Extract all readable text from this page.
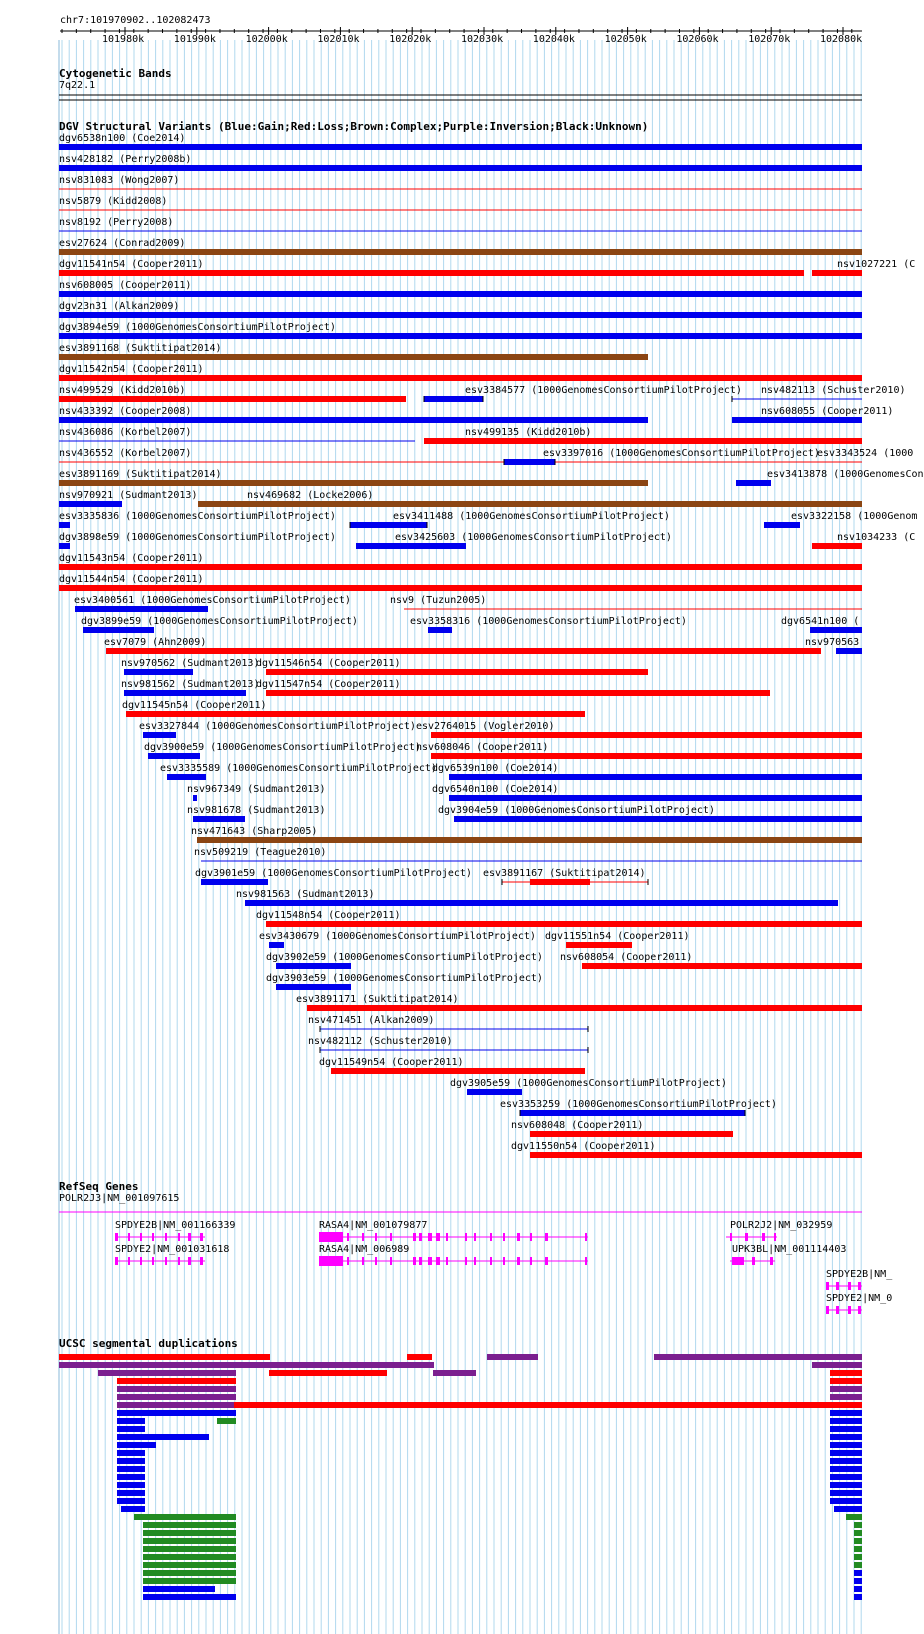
chr7:101970902..102082473
101980k	101990k	102000k	102010k	102020k	102030k	102040k	102050k	102060k	102070k	102080k
Cytogenetic Bands
7q22.1
DGV Structural Variants (Blue:Gain;Red:Loss;Brown:Complex;Purple:Inversion;Black:Unknown)
dgv6538n100 (Coe2014)
nsv428182 (Perry2008b)
nsv831083 (Wong2007)
nsv5879 (Kidd2008)
nsv8192 (Perry2008)
esv27624 (Conrad2009)
dgv11541n54 (Cooper2011)	nsv1027221 (C
nsv608005 (Cooper2011)
dgv23n31 (Alkan2009)
dgv3894e59 (1000GenomesConsortiumPilotProject)
esv3891168 (Suktitipat2014)
dgv11542n54 (Cooper2011)
nsv499529 (Kidd2010b)	esv3384577 (1000GenomesConsortiumPilotProject) nsv482113 (Schuster2010)
nsv433392 (Cooper2008)	nsv608055 (Cooper2011)
nsv436086 (Korbel2007)	nsv499135 (Kidd2010b)
nsv436552 (Korbel2007)	esv3397016 (1000GenomesConsortiumPilotProject)
esv3343524 (1000
esv3891169 (Suktitipat2014)	esv3413878 (1000GenomesCon
nsv970921 (Sudmant2013)	nsv469682 (Locke2006)
esv3335836 (1000GenomesConsortiumPilotProject)	esv3411488 (1000GenomesConsortiumPilotProject)	esv3322158 (1000Genom
dgv3898e59 (1000GenomesConsortiumPilotProject)	esv3425603 (1000GenomesConsortiumPilotProject)	nsv1034233 (C
dgv11543n54 (Cooper2011)
dgv11544n54 (Cooper2011)
esv3400561 (1000GenomesConsortiumPilotProject)	nsv9 (Tuzun2005)
dgv3899e59 (1000GenomesConsortiumPilotProject)	esv3358316 (1000GenomesConsortiumPilotProject)	dgv6541n100 (
esv7079 (Ahn2009)	nsv970563
nsv970562 (Sudmant2013)
dgv11546n54 (Cooper2011)
nsv981562 (Sudmant2013)
dgv11547n54 (Cooper2011)
dgv11545n54 (Cooper2011)
esv3327844 (1000GenomesConsortiumPilotProject) esv2764015 (Vogler2010)
dgv3900e59 (1000GenomesConsortiumPilotProject)
nsv608046 (Cooper2011)
esv3335589 (1000GenomesConsortiumPilotProject)
dgv6539n100 (Coe2014)
nsv967349 (Sudmant2013)	dgv6540n100 (Coe2014)
nsv981678 (Sudmant2013)	dgv3904e59 (1000GenomesConsortiumPilotProject)
nsv471643 (Sharp2005)
nsv509219 (Teague2010)
dgv3901e59 (1000GenomesConsortiumPilotProject) esv3891167 (Suktitipat2014)
nsv981563 (Sudmant2013)
dgv11548n54 (Cooper2011)
esv3430679 (1000GenomesConsortiumPilotProject) dgv11551n54 (Cooper2011)
dgv3902e59 (1000GenomesConsortiumPilotProject) nsv608054 (Cooper2011)
dgv3903e59 (1000GenomesConsortiumPilotProject)
esv3891171 (Suktitipat2014)
nsv471451 (Alkan2009)
nsv482112 (Schuster2010)
dgv11549n54 (Cooper2011)
dgv3905e59 (1000GenomesConsortiumPilotProject)
esv3353259 (1000GenomesConsortiumPilotProject)
nsv608048 (Cooper2011)
dgv11550n54 (Cooper2011)
RefSeq Genes
POLR2J3|NM_001097615
SPDYE2B|NM_001166339
SPDYE2|NM_001031618
RASA4|NM_001079877
RASA4|NM_006989
POLR2J2|NM_032959
UPK3BL|NM_001114403
SPDYE2B|NM_
SPDYE2|NM_0
UCSC segmental duplications
